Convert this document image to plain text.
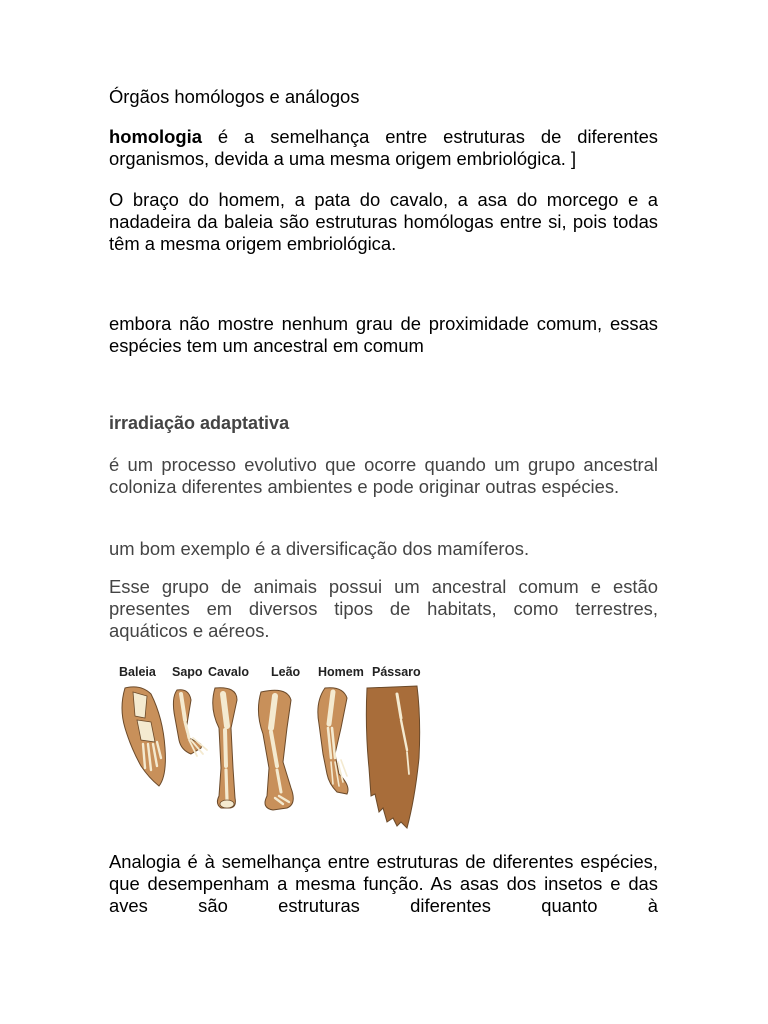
Órgãos homólogos e análogos

homologia é a semelhança entre estruturas de diferentes organismos, devida a uma mesma origem embriológica. ]

O braço do homem, a pata do cavalo, a asa do morcego e a nadadeira da baleia são estruturas homólogas entre si, pois todas têm a mesma origem embriológica.

embora não mostre nenhum grau de proximidade comum, essas espécies tem um ancestral em comum

irradiação adaptativa

é um processo evolutivo que ocorre quando um grupo ancestral coloniza diferentes ambientes e pode originar outras espécies.

um bom exemplo é a diversificação dos mamíferos.

Esse grupo de animais possui um ancestral comum e estão presentes em diversos tipos de habitats, como terrestres, aquáticos e aéreos.

Analogia é à semelhança entre estruturas de diferentes espécies, que desempenham a mesma função. As asas dos insetos e das aves são estruturas diferentes quanto à

Baleia Sapo Cavalo Leão Homem Pássaro
